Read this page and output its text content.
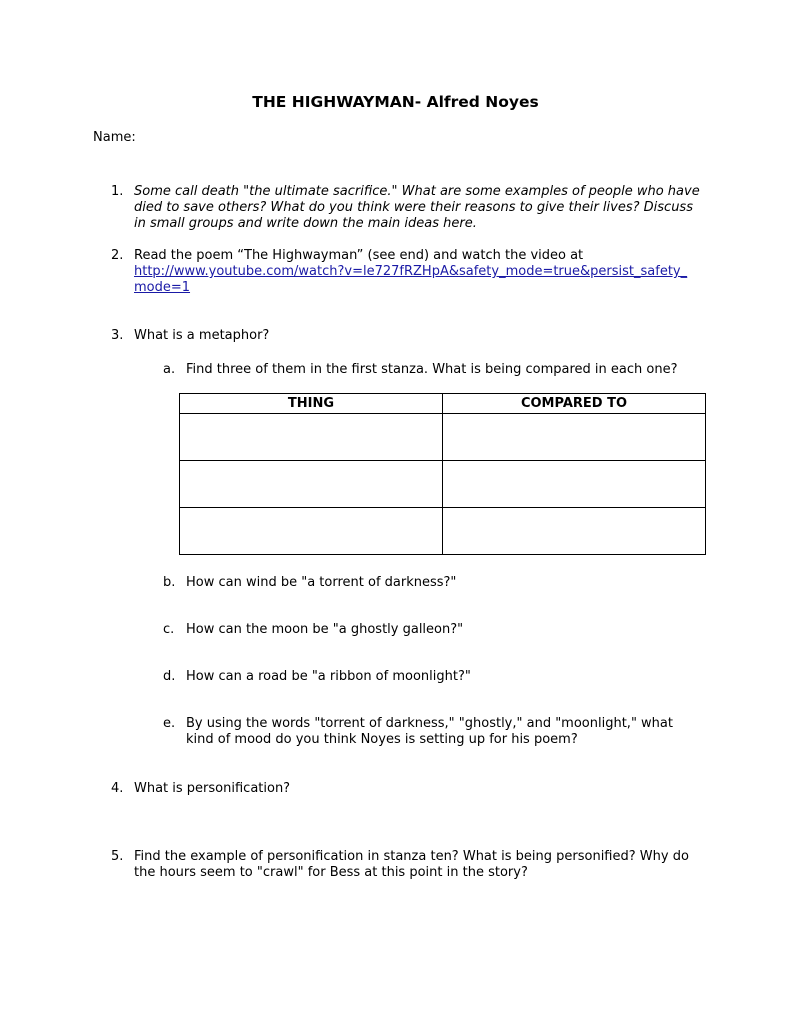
THE HIGHWAYMAN- Alfred Noyes
Name:
1. Some call death "the ultimate sacrifice." What are some examples of people who have
died to save others? What do you think were their reasons to give their lives? Discuss
in small groups and write down the main ideas here.
2. Read the poem “The Highwayman” (see end) and watch the video at
http://www.youtube.com/watch?v=le727fRZHpA&safety_mode=true&persist_safety_
mode=1
3. What is a metaphor?
a. Find three of them in the first stanza. What is being compared in each one?
THING	COMPARED TO

b. How can wind be "a torrent of darkness?"
c. How can the moon be "a ghostly galleon?"
d. How can a road be "a ribbon of moonlight?"
e. By using the words "torrent of darkness," "ghostly," and "moonlight," what
kind of mood do you think Noyes is setting up for his poem?
4. What is personification?
5. Find the example of personification in stanza ten? What is being personified? Why do
the hours seem to "crawl" for Bess at this point in the story?
